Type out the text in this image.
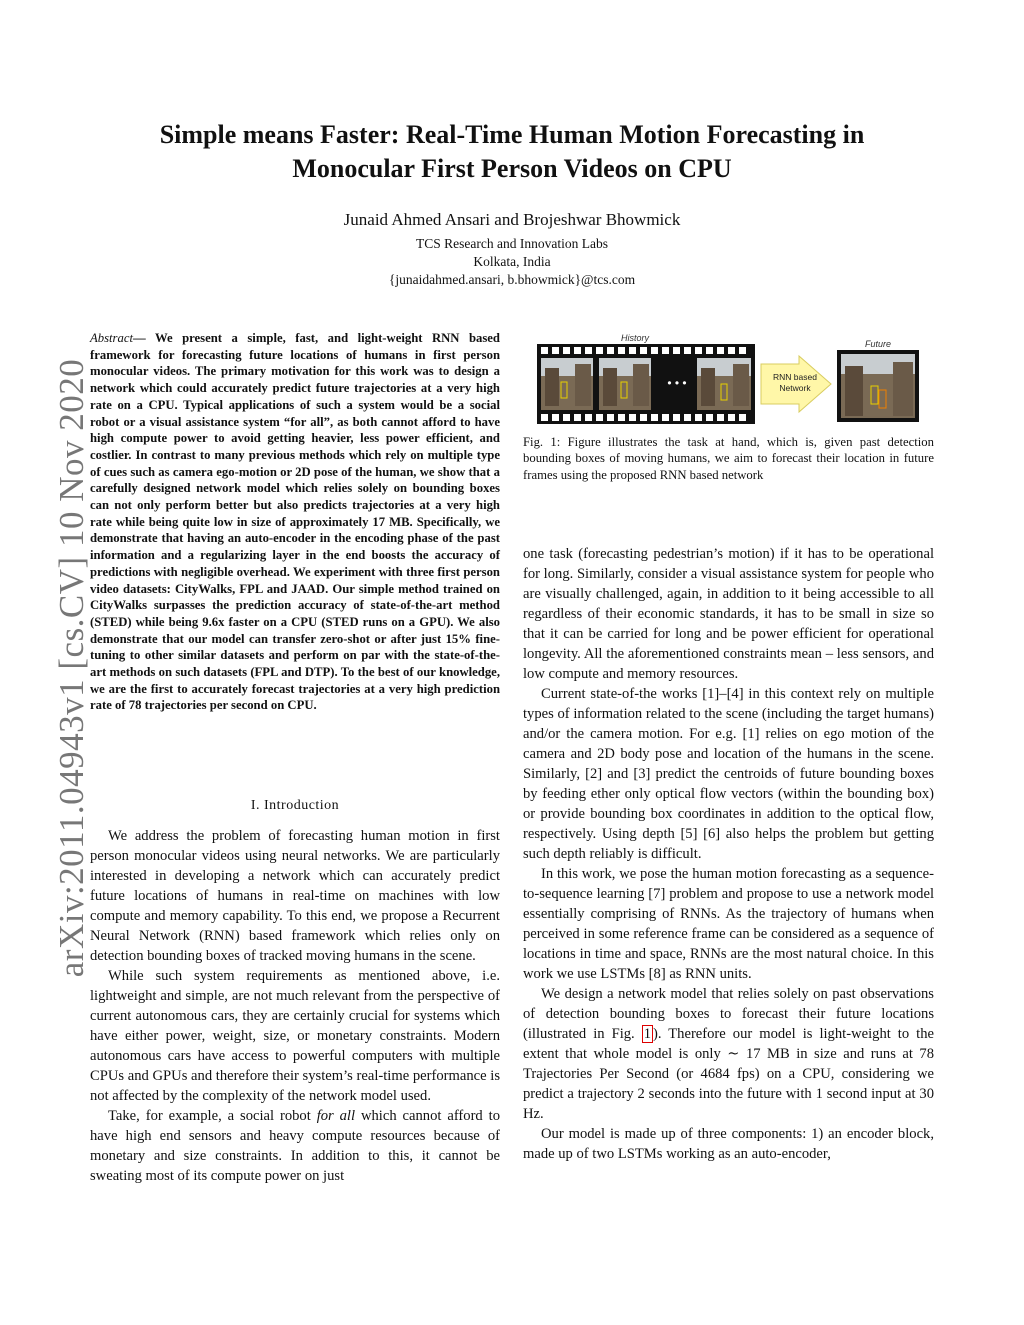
arXiv:2011.04943v1 [cs.CV] 10 Nov 2020
Simple means Faster: Real-Time Human Motion Forecasting in
Monocular First Person Videos on CPU
Junaid Ahmed Ansari and Brojeshwar Bhowmick
TCS Research and Innovation Labs
Kolkata, India
{junaidahmed.ansari, b.bhowmick}@tcs.com
Abstract— We present a simple, fast, and light-weight RNN based framework for forecasting future locations of humans in first person monocular videos. The primary motivation for this work was to design a network which could accurately predict future trajectories at a very high rate on a CPU. Typical applications of such a system would be a social robot or a visual assistance system “for all”, as both cannot afford to have high compute power to avoid getting heavier, less power efficient, and costlier. In contrast to many previous methods which rely on multiple type of cues such as camera ego-motion or 2D pose of the human, we show that a carefully designed network model which relies solely on bounding boxes can not only perform better but also predicts trajectories at a very high rate while being quite low in size of approximately 17 MB. Specifically, we demonstrate that having an auto-encoder in the encoding phase of the past information and a regularizing layer in the end boosts the accuracy of predictions with negligible overhead. We experiment with three first person video datasets: CityWalks, FPL and JAAD. Our simple method trained on CityWalks surpasses the prediction accuracy of state-of-the-art method (STED) while being 9.6x faster on a CPU (STED runs on a GPU). We also demonstrate that our model can transfer zero-shot or after just 15% fine-tuning to other similar datasets and perform on par with the state-of-the-art methods on such datasets (FPL and DTP). To the best of our knowledge, we are the first to accurately forecast trajectories at a very high prediction rate of 78 trajectories per second on CPU.
I. Introduction

We address the problem of forecasting human motion in first person monocular videos using neural networks. We are particularly interested in developing a network which can accurately predict future locations of humans in real-time on machines with low compute and memory capability. To this end, we propose a Recurrent Neural Network (RNN) based framework which relies only on detection bounding boxes of tracked moving humans in the scene.

While such system requirements as mentioned above, i.e. lightweight and simple, are not much relevant from the perspective of current autonomous cars, they are certainly crucial for systems which have either power, weight, size, or monetary constraints. Modern autonomous cars have access to powerful computers with multiple CPUs and GPUs and therefore their system’s real-time performance is not affected by the complexity of the network model used.

Take, for example, a social robot for all which cannot afford to have high end sensors and heavy compute resources because of monetary and size constraints. In addition to this, it cannot be sweating most of its compute power on just

History
• • •	RNN based
Network
Future
Fig. 1: Figure illustrates the task at hand, which is, given past detection bounding boxes of moving humans, we aim to forecast their location in future frames using the proposed RNN based network

one task (forecasting pedestrian’s motion) if it has to be operational for long. Similarly, consider a visual assistance system for people who are visually challenged, again, in addition to it being accessible to all regardless of their economic standards, it has to be small in size so that it can be carried for long and be power efficient for operational longevity. All the aforementioned constraints mean – less sensors, and low compute and memory resources.

Current state-of-the works [1]–[4] in this context rely on multiple types of information related to the scene (including the target humans) and/or the camera motion. For e.g. [1] relies on ego motion of the camera and 2D body pose and location of the humans in the scene. Similarly, [2] and [3] predict the centroids of future bounding boxes by feeding ether only optical flow vectors (within the bounding box) or provide bounding box coordinates in addition to the optical flow, respectively. Using depth [5] [6] also helps the problem but getting such depth reliably is difficult.

In this work, we pose the human motion forecasting as a sequence-to-sequence learning [7] problem and propose to use a network model essentially comprising of RNNs. As the trajectory of humans when perceived in some reference frame can be considered as a sequence of locations in time and space, RNNs are the most natural choice. In this work we use LSTMs [8] as RNN units.

We design a network model that relies solely on past observations of detection bounding boxes to forecast their future locations (illustrated in Fig. 1 ). Therefore our model is light-weight to the extent that whole model is only ∼ 17 MB in size and runs at 78 Trajectories Per Second (or 4684 fps) on a CPU, considering we predict a trajectory 2 seconds into the future with 1 second input at 30 Hz.

Our model is made up of three components: 1) an encoder block, made up of two LSTMs working as an auto-encoder,
